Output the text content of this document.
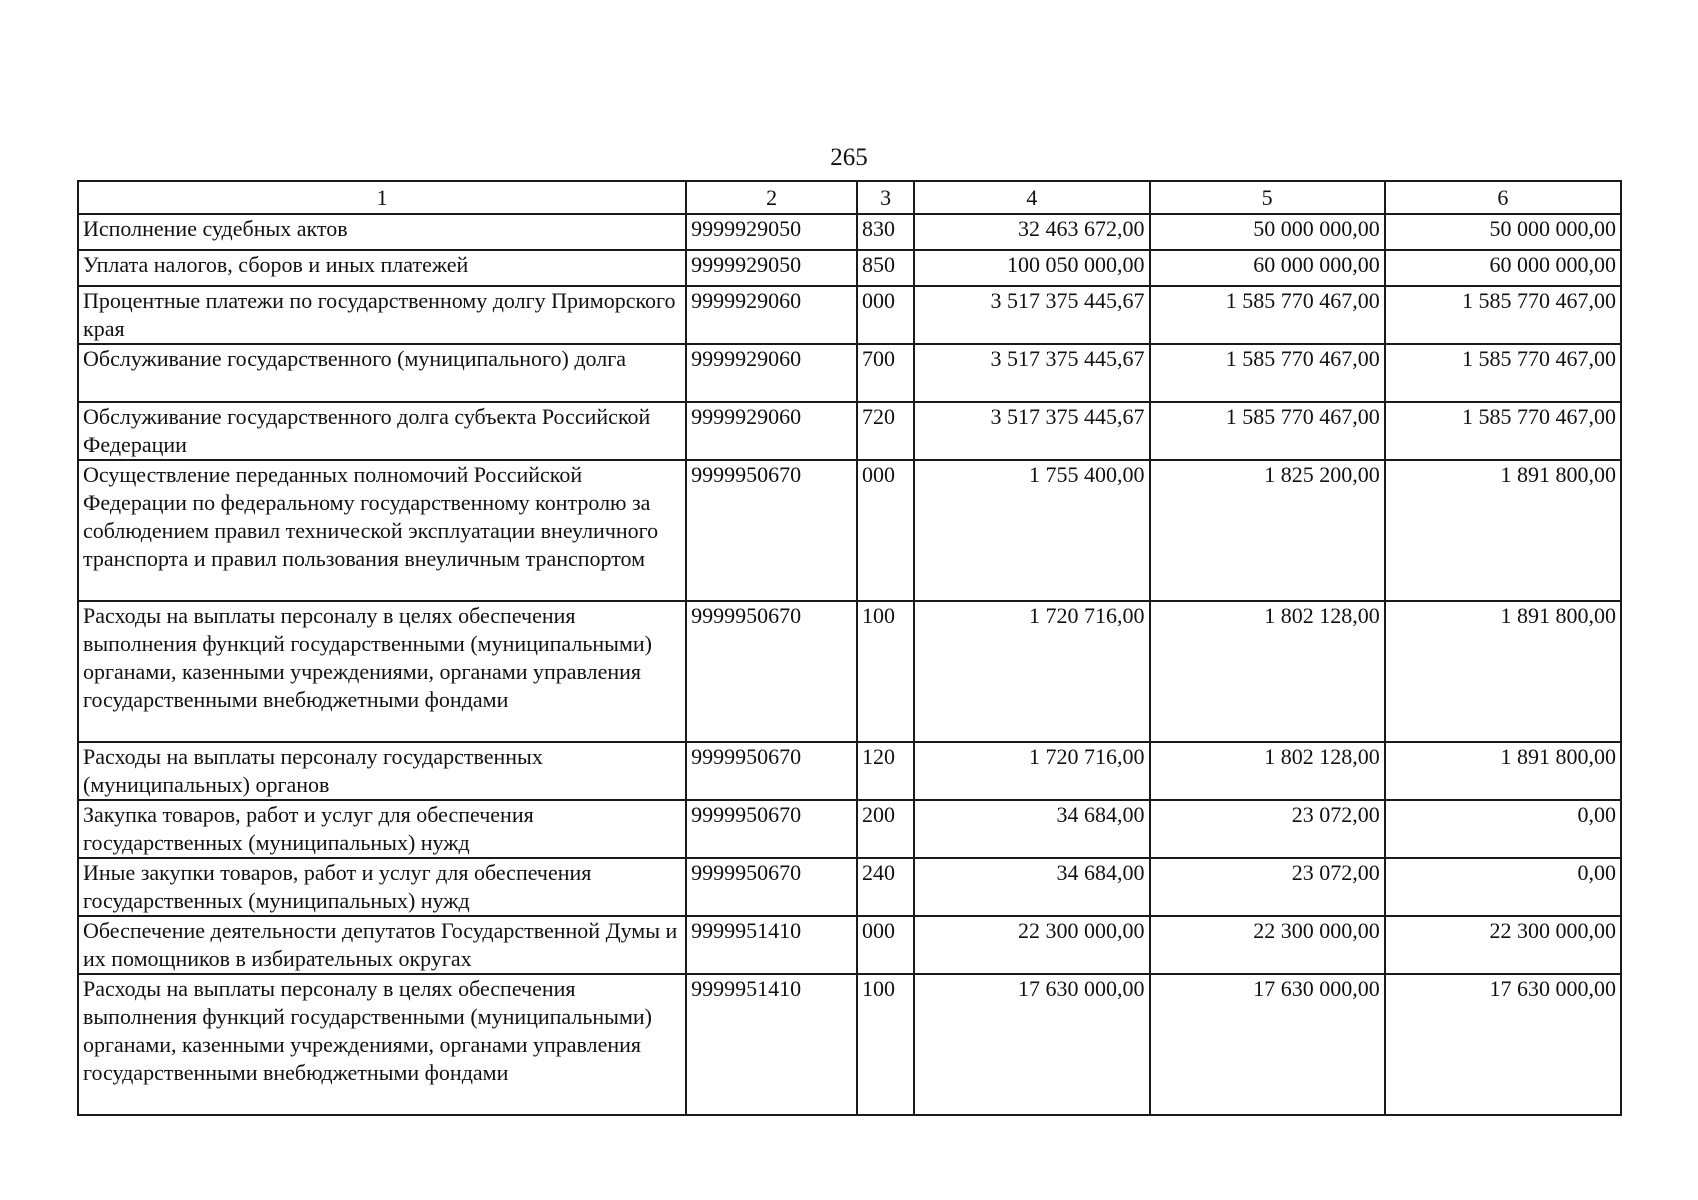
265
1	2	3	4	5	6
Исполнение судебных актов	9999929050	830	32 463 672,00	50 000 000,00	50 000 000,00
Уплата налогов, сборов и иных платежей	9999929050	850	100 050 000,00	60 000 000,00	60 000 000,00
Процентные платежи по государственному долгу Приморского края	9999929060	000	3 517 375 445,67	1 585 770 467,00	1 585 770 467,00
Обслуживание государственного (муниципального) долга	9999929060	700	3 517 375 445,67	1 585 770 467,00	1 585 770 467,00
Обслуживание государственного долга субъекта Российской Федерации	9999929060	720	3 517 375 445,67	1 585 770 467,00	1 585 770 467,00
Осуществление переданных полномочий Российской Федерации по федеральному государственному контролю за соблюдением правил технической эксплуатации внеуличного транспорта и правил пользования внеуличным транспортом	9999950670	000	1 755 400,00	1 825 200,00	1 891 800,00
Расходы на выплаты персоналу в целях обеспечения выполнения функций государственными (муниципальными) органами, казенными учреждениями, органами управления государственными внебюджетными фондами	9999950670	100	1 720 716,00	1 802 128,00	1 891 800,00
Расходы на выплаты персоналу государственных (муниципальных) органов	9999950670	120	1 720 716,00	1 802 128,00	1 891 800,00
Закупка товаров, работ и услуг для обеспечения государственных (муниципальных) нужд	9999950670	200	34 684,00	23 072,00	0,00
Иные закупки товаров, работ и услуг для обеспечения государственных (муниципальных) нужд	9999950670	240	34 684,00	23 072,00	0,00
Обеспечение деятельности депутатов Государственной Думы и их помощников в избирательных округах	9999951410	000	22 300 000,00	22 300 000,00	22 300 000,00
Расходы на выплаты персоналу в целях обеспечения выполнения функций государственными (муниципальными) органами, казенными учреждениями, органами управления государственными внебюджетными фондами	9999951410	100	17 630 000,00	17 630 000,00	17 630 000,00
